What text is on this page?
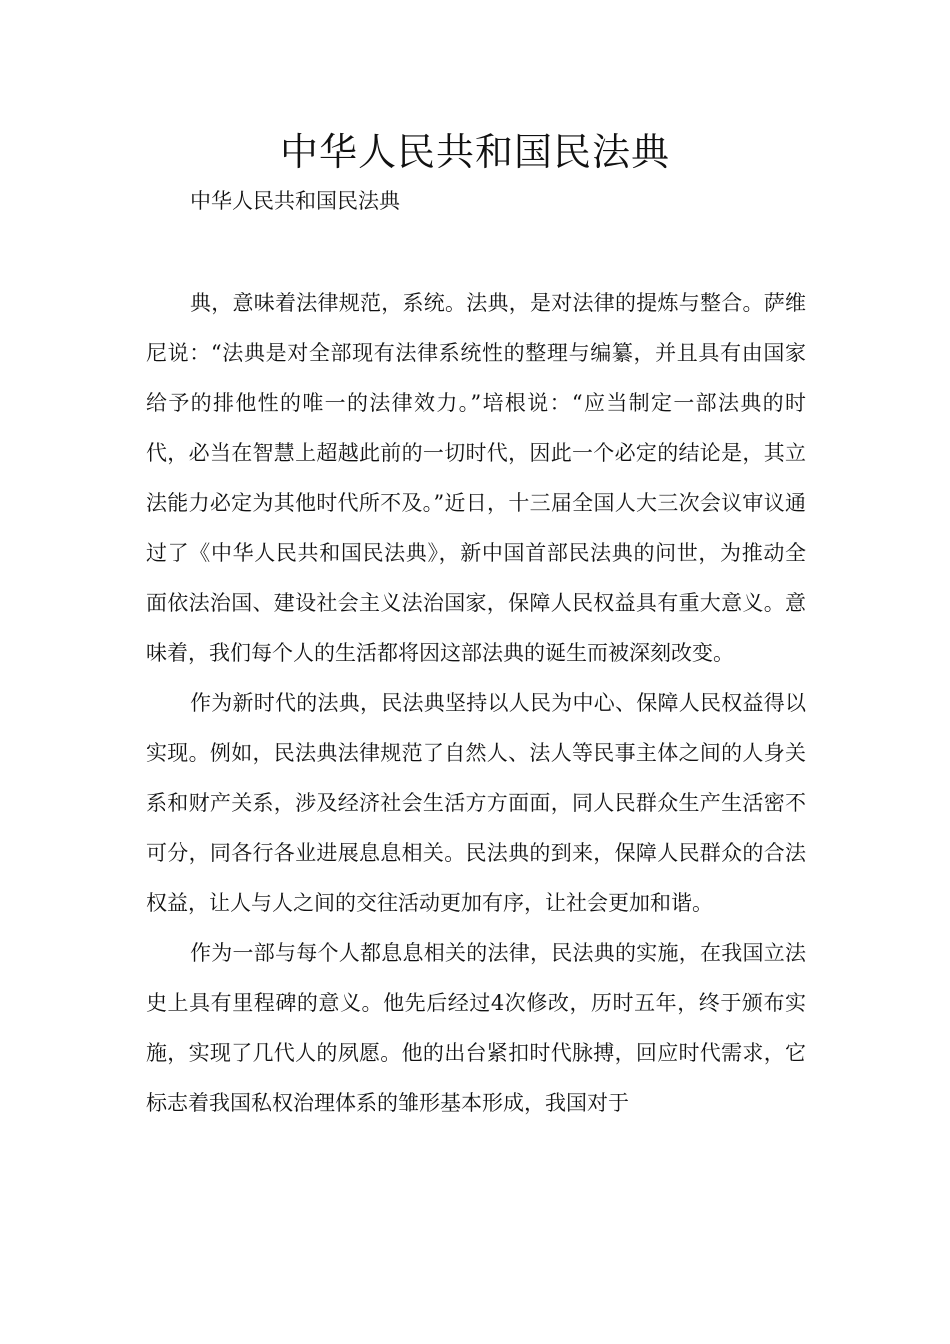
中华人民共和国民法典

中华人民共和国民法典

典，意味着法律规范，系统。法典，是对法律的提炼与整合。萨维尼说：“法典是对全部现有法律系统性的整理与编纂，并且具有由国家给予的排他性的唯一的法律效力。”培根说：“应当制定一部法典的时代，必当在智慧上超越此前的一切时代，因此一个必定的结论是，其立法能力必定为其他时代所不及。”近日，十三届全国人大三次会议审议通过了《中华人民共和国民法典》，新中国首部民法典的问世，为推动全面依法治国、建设社会主义法治国家，保障人民权益具有重大意义。意味着，我们每个人的生活都将因这部法典的诞生而被深刻改变。

作为新时代的法典，民法典坚持以人民为中心、保障人民权益得以实现。例如，民法典法律规范了自然人、法人等民事主体之间的人身关系和财产关系，涉及经济社会生活方方面面，同人民群众生产生活密不可分，同各行各业进展息息相关。民法典的到来，保障人民群众的合法权益，让人与人之间的交往活动更加有序，让社会更加和谐。

作为一部与每个人都息息相关的法律，民法典的实施，在我国立法史上具有里程碑的意义。他先后经过4次修改，历时五年，终于颁布实施，实现了几代人的夙愿。他的出台紧扣时代脉搏，回应时代需求，它标志着我国私权治理体系的雏形基本形成，我国对于
